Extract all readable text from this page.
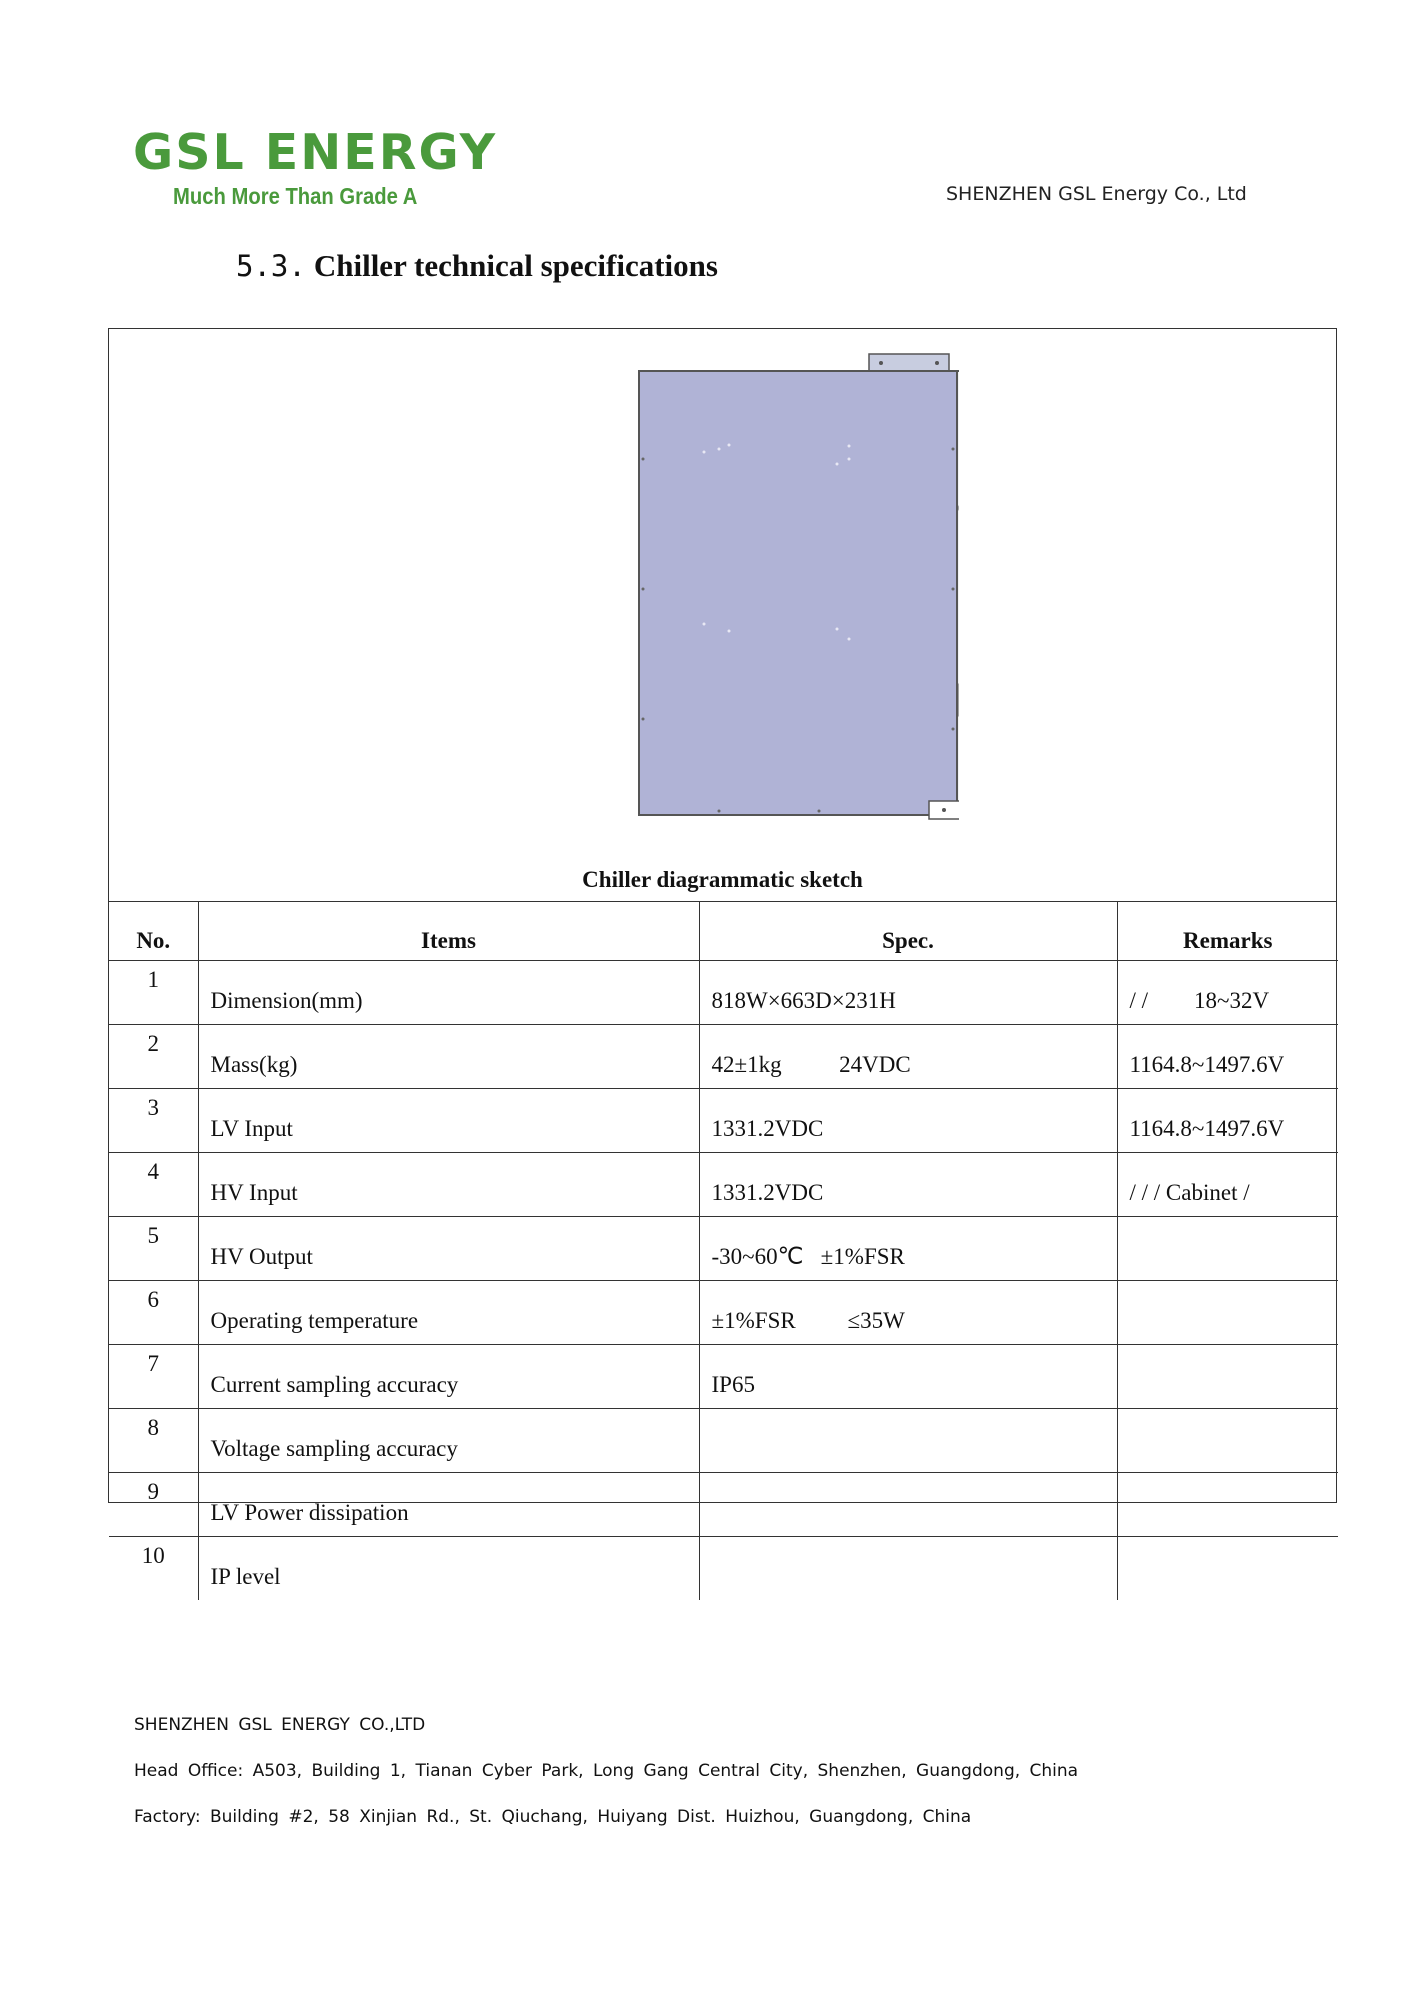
GSL ENERGY
Much More Than Grade A	SHENZHEN GSL Energy Co., Ltd
5.3. Chiller technical specifications
Chiller diagrammatic sketch
No.	Items	Spec.	Remarks
1	Dimension(mm)	818W×663D×231H	/ /        18~32V
2	Mass(kg)	42±1kg          24VDC	1164.8~1497.6V
3	LV Input	1331.2VDC	1164.8~1497.6V
4	HV Input	1331.2VDC	/ / / Cabinet /
5	HV Output	-30~60℃   ±1%FSR	
6	Operating temperature	±1%FSR         ≤35W	
7	Current sampling accuracy	IP65	
8	Voltage sampling accuracy		
9	LV Power dissipation		
10	IP level		
SHENZHEN GSL ENERGY CO.,LTD
Head Office: A503, Building 1, Tianan Cyber Park, Long Gang Central City, Shenzhen, Guangdong, China
Factory: Building #2, 58 Xinjian Rd., St. Qiuchang, Huiyang Dist. Huizhou, Guangdong, China
